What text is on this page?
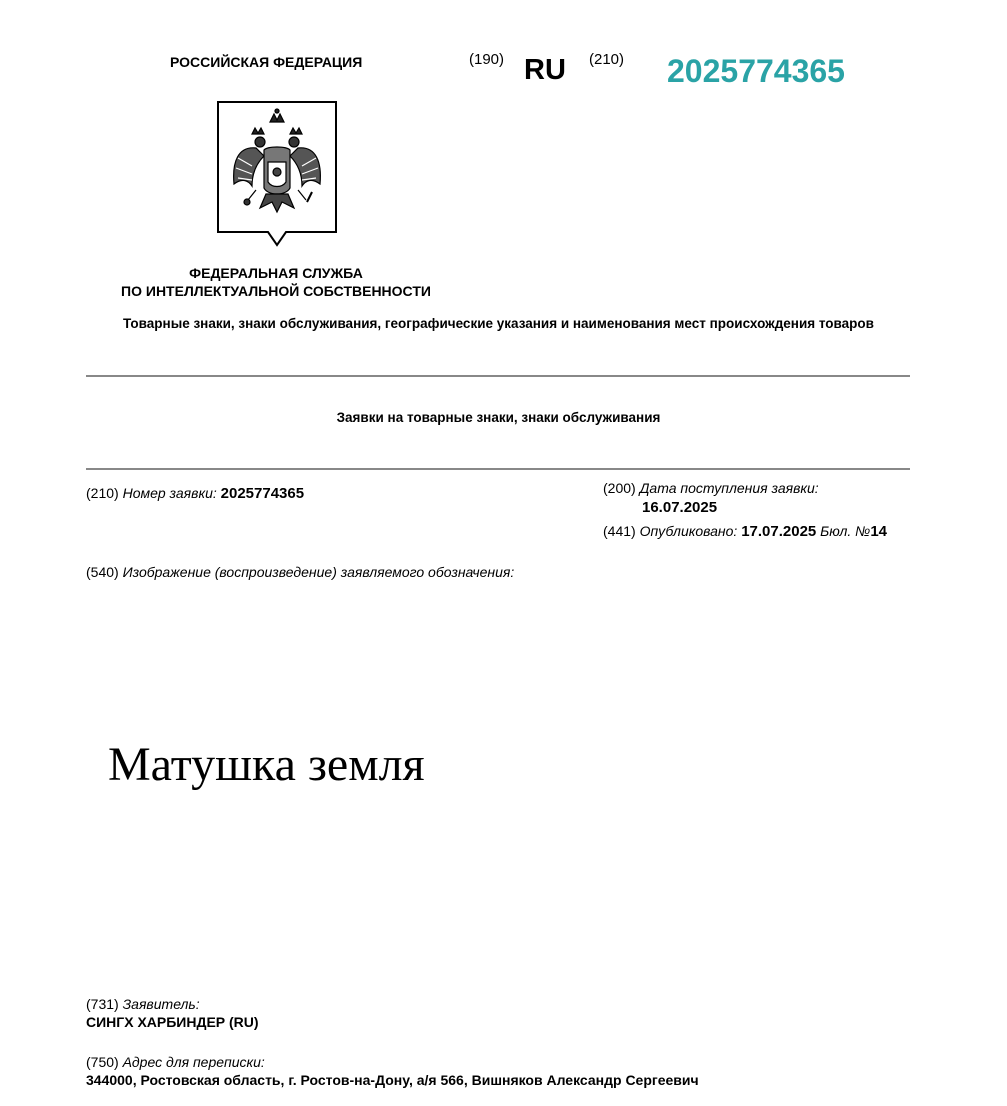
РОССИЙСКАЯ ФЕДЕРАЦИЯ	(190) RU (210) 2025774365
ФЕДЕРАЛЬНАЯ СЛУЖБА
ПО ИНТЕЛЛЕКТУАЛЬНОЙ СОБСТВЕННОСТИ
Товарные знаки, знаки обслуживания, географические указания и наименования мест происхождения товаров
Заявки на товарные знаки, знаки обслуживания
(210) Номер заявки: 2025774365	(200) Дата поступления заявки:
16.07.2025
(441) Опубликовано: 17.07.2025 Бюл. №14
(540) Изображение (воспроизведение) заявляемого обозначения:
Матушка земля
(731) Заявитель:
СИНГХ ХАРБИНДЕР (RU)
(750) Адрес для переписки:
344000, Ростовская область, г. Ростов-на-Дону, а/я 566, Вишняков Александр Сергеевич
